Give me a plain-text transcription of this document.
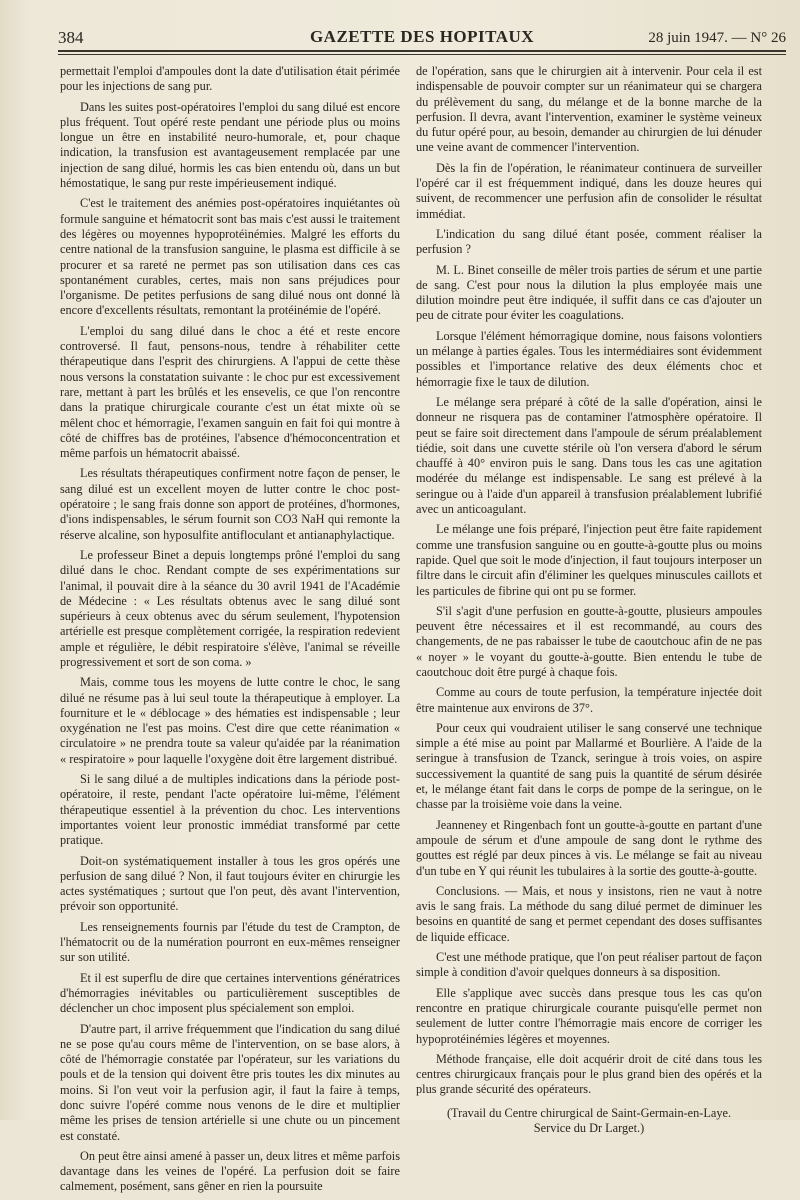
384	GAZETTE DES HOPITAUX	28 juin 1947. — N° 26

permettait l'emploi d'ampoules dont la date d'utilisation était périmée pour les injections de sang pur.

Dans les suites post-opératoires l'emploi du sang dilué est encore plus fréquent. Tout opéré reste pendant une période plus ou moins longue un être en instabilité neuro-humorale, et, pour chaque indication, la transfusion est avantageusement remplacée par une injection de sang dilué, hormis les cas bien entendu où, dans un but hémostatique, le sang pur reste impérieusement indiqué.

C'est le traitement des anémies post-opératoires inquiétantes où formule sanguine et hématocrit sont bas mais c'est aussi le traitement des légères ou moyennes hypoprotéinémies. Malgré les efforts du centre national de la transfusion sanguine, le plasma est difficile à se procurer et sa rareté ne permet pas son utilisation dans ces cas spontanément curables, certes, mais non sans préjudices pour l'organisme. De petites perfusions de sang dilué nous ont donné là encore d'excellents résultats, remontant la protéinémie de l'opéré.

L'emploi du sang dilué dans le choc a été et reste encore controversé. Il faut, pensons-nous, tendre à réhabiliter cette thérapeutique dans l'esprit des chirurgiens. A l'appui de cette thèse nous versons la constatation suivante : le choc pur est excessivement rare, mettant à part les brûlés et les ensevelis, ce que l'on rencontre dans la pratique chirurgicale courante c'est un état mixte où se mêlent choc et hémorragie, l'examen sanguin en fait foi qui montre à côté de chiffres bas de protéines, l'absence d'hémoconcentration et même parfois un hématocrit abaissé.

Les résultats thérapeutiques confirment notre façon de penser, le sang dilué est un excellent moyen de lutter contre le choc post-opératoire ; le sang frais donne son apport de protéines, d'hormones, d'ions indispensables, le sérum fournit son CO3 NaH qui remonte la réserve alcaline, son hyposulfite antifloculant et antianaphylactique.

Le professeur Binet a depuis longtemps prôné l'emploi du sang dilué dans le choc. Rendant compte de ses expérimentations sur l'animal, il pouvait dire à la séance du 30 avril 1941 de l'Académie de Médecine : « Les résultats obtenus avec le sang dilué sont supérieurs à ceux obtenus avec du sérum seulement, l'hypotension artérielle est presque complètement corrigée, la respiration redevient ample et régulière, le débit respiratoire s'élève, l'animal se réveille progressivement et sort de son coma. »

Mais, comme tous les moyens de lutte contre le choc, le sang dilué ne résume pas à lui seul toute la thérapeutique à employer. La fourniture et le « déblocage » des hématies est indispensable ; leur oxygénation ne l'est pas moins. C'est dire que cette réanimation « circulatoire » ne prendra toute sa valeur qu'aidée par la réanimation « respiratoire » pour laquelle l'oxygène doit être largement distribué.

Si le sang dilué a de multiples indications dans la période post-opératoire, il reste, pendant l'acte opératoire lui-même, l'élément thérapeutique essentiel à la prévention du choc. Les interventions importantes voient leur pronostic immédiat transformé par cette pratique.

Doit-on systématiquement installer à tous les gros opérés une perfusion de sang dilué ? Non, il faut toujours éviter en chirurgie les actes systématiques ; surtout que l'on peut, dès avant l'intervention, prévoir son opportunité.

Les renseignements fournis par l'étude du test de Crampton, de l'hématocrit ou de la numération pourront en eux-mêmes renseigner sur son utilité.

Et il est superflu de dire que certaines interventions génératrices d'hémorragies inévitables ou particulièrement susceptibles de déclencher un choc imposent plus spécialement son emploi.

D'autre part, il arrive fréquemment que l'indication du sang dilué ne se pose qu'au cours même de l'intervention, on se base alors, à côté de l'hémorragie constatée par l'opérateur, sur les variations du pouls et de la tension qui doivent être pris toutes les dix minutes au moins. Si l'on veut voir la perfusion agir, il faut la faire à temps, donc suivre l'opéré comme nous venons de le dire et multiplier même les prises de tension artérielle si une chute ou un pincement est constaté.

On peut être ainsi amené à passer un, deux litres et même parfois davantage dans les veines de l'opéré. La perfusion doit se faire calmement, posément, sans gêner en rien la poursuite

de l'opération, sans que le chirurgien ait à intervenir. Pour cela il est indispensable de pouvoir compter sur un réanimateur qui se chargera du prélèvement du sang, du mélange et de la bonne marche de la perfusion. Il devra, avant l'intervention, examiner le système veineux du futur opéré pour, au besoin, demander au chirurgien de lui dénuder une veine avant de commencer l'intervention.

Dès la fin de l'opération, le réanimateur continuera de surveiller l'opéré car il est fréquemment indiqué, dans les douze heures qui suivent, de recommencer une perfusion afin de consolider le résultat immédiat.

L'indication du sang dilué étant posée, comment réaliser la perfusion ?

M. L. Binet conseille de mêler trois parties de sérum et une partie de sang. C'est pour nous la dilution la plus employée mais une dilution moindre peut être indiquée, il suffit dans ce cas d'ajouter un peu de citrate pour éviter les coagulations.

Lorsque l'élément hémorragique domine, nous faisons volontiers un mélange à parties égales. Tous les intermédiaires sont évidemment possibles et l'importance relative des deux éléments choc et hémorragie fixe le taux de dilution.

Le mélange sera préparé à côté de la salle d'opération, ainsi le donneur ne risquera pas de contaminer l'atmosphère opératoire. Il peut se faire soit directement dans l'ampoule de sérum préalablement tiédie, soit dans une cuvette stérile où l'on versera d'abord le sérum chauffé à 40° environ puis le sang. Dans tous les cas une agitation modérée du mélange est indispensable. Le sang est prélevé à la seringue ou à l'aide d'un appareil à transfusion préalablement lubrifié avec un anticoagulant.

Le mélange une fois préparé, l'injection peut être faite rapidement comme une transfusion sanguine ou en goutte-à-goutte plus ou moins rapide. Quel que soit le mode d'injection, il faut toujours interposer un filtre dans le circuit afin d'éliminer les quelques minuscules caillots et les particules de fibrine qui ont pu se former.

S'il s'agit d'une perfusion en goutte-à-goutte, plusieurs ampoules peuvent être nécessaires et il est recommandé, au cours des changements, de ne pas rabaisser le tube de caoutchouc afin de ne pas « noyer » le voyant du goutte-à-goutte. Bien entendu le tube de caoutchouc doit être purgé à chaque fois.

Comme au cours de toute perfusion, la température injectée doit être maintenue aux environs de 37°.

Pour ceux qui voudraient utiliser le sang conservé une technique simple a été mise au point par Mallarmé et Bourlière. A l'aide de la seringue à transfusion de Tzanck, seringue à trois voies, on aspire successivement la quantité de sang puis la quantité de sérum désirée et, le mélange étant fait dans le corps de pompe de la seringue, on le chasse par la troisième voie dans la veine.

Jeanneney et Ringenbach font un goutte-à-goutte en partant d'une ampoule de sérum et d'une ampoule de sang dont le rythme des gouttes est réglé par deux pinces à vis. Le mélange se fait au niveau d'un tube en Y qui réunit les tubulaires à la sortie des goutte-à-goutte.

Conclusions. — Mais, et nous y insistons, rien ne vaut à notre avis le sang frais. La méthode du sang dilué permet de diminuer les besoins en quantité de sang et permet cependant des doses suffisantes de liquide efficace.

C'est une méthode pratique, que l'on peut réaliser partout de façon simple à condition d'avoir quelques donneurs à sa disposition.

Elle s'applique avec succès dans presque tous les cas qu'on rencontre en pratique chirurgicale courante puisqu'elle permet non seulement de lutter contre l'hémorragie mais encore de corriger les hypoprotéinémies légères et moyennes.

Méthode française, elle doit acquérir droit de cité dans tous les centres chirurgicaux français pour le plus grand bien des opérés et la plus grande sécurité des opérateurs.

(Travail du Centre chirurgical de Saint-Germain-en-Laye.
Service du Dr Larget.)
